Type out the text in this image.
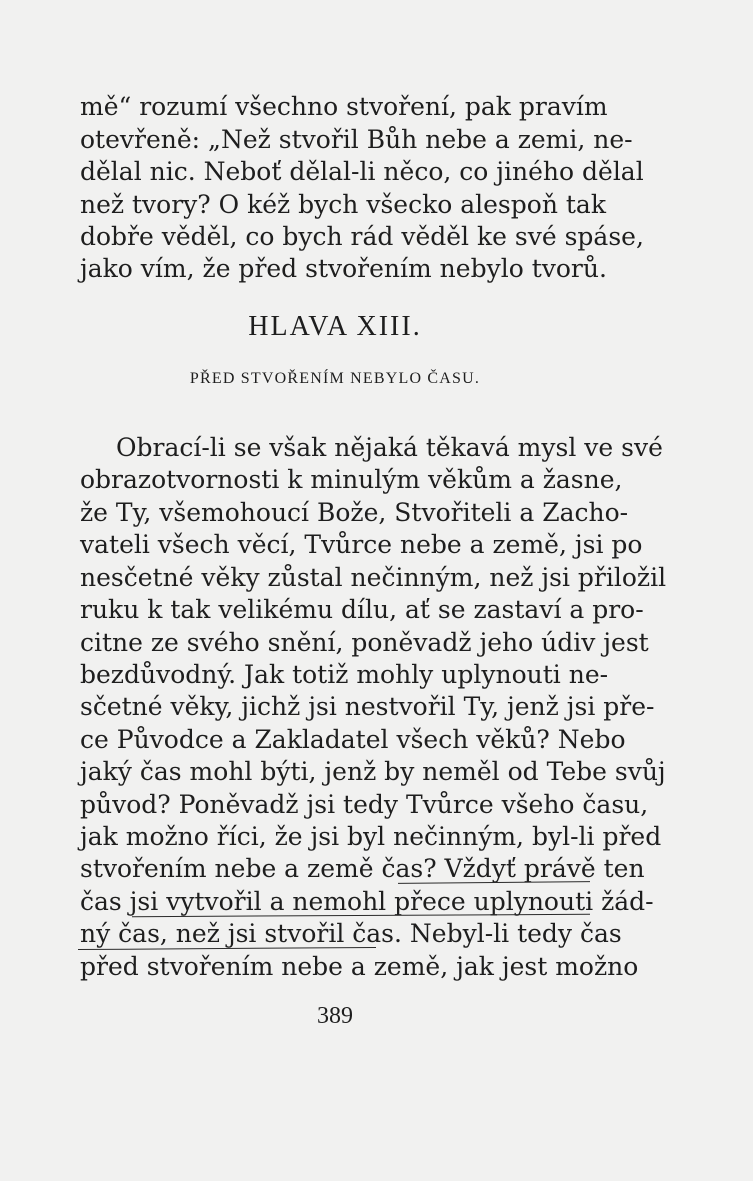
mě“ rozumí všechno stvoření, pak pravím
otevřeně: „Než stvořil Bůh nebe a zemi, ne-
dělal nic. Neboť dělal-li něco, co jiného dělal
než tvory? O kéž bych všecko alespoň tak
dobře věděl, co bych rád věděl ke své spáse,
jako vím, že před stvořením nebylo tvorů.
HLAVA XIII.
PŘED STVOŘENÍM NEBYLO ČASU.
Obrací-li se však nějaká těkavá mysl ve své
obrazotvornosti k minulým věkům a žasne,
že Ty, všemohoucí Bože, Stvořiteli a Zacho-
vateli všech věcí, Tvůrce nebe a země, jsi po
nesčetné věky zůstal nečinným, než jsi přiložil
ruku k tak velikému dílu, ať se zastaví a pro-
citne ze svého snění, poněvadž jeho údiv jest
bezdůvodný. Jak totiž mohly uplynouti ne-
sčetné věky, jichž jsi nestvořil Ty, jenž jsi pře-
ce Původce a Zakladatel všech věků? Nebo
jaký čas mohl býti, jenž by neměl od Tebe svůj
původ? Poněvadž jsi tedy Tvůrce všeho času,
jak možno říci, že jsi byl nečinným, byl-li před
stvořením nebe a země čas? Vždyť právě ten
čas jsi vytvořil a nemohl přece uplynouti žád-
ný čas, než jsi stvořil čas. Nebyl-li tedy čas
před stvořením nebe a země, jak jest možno
389
